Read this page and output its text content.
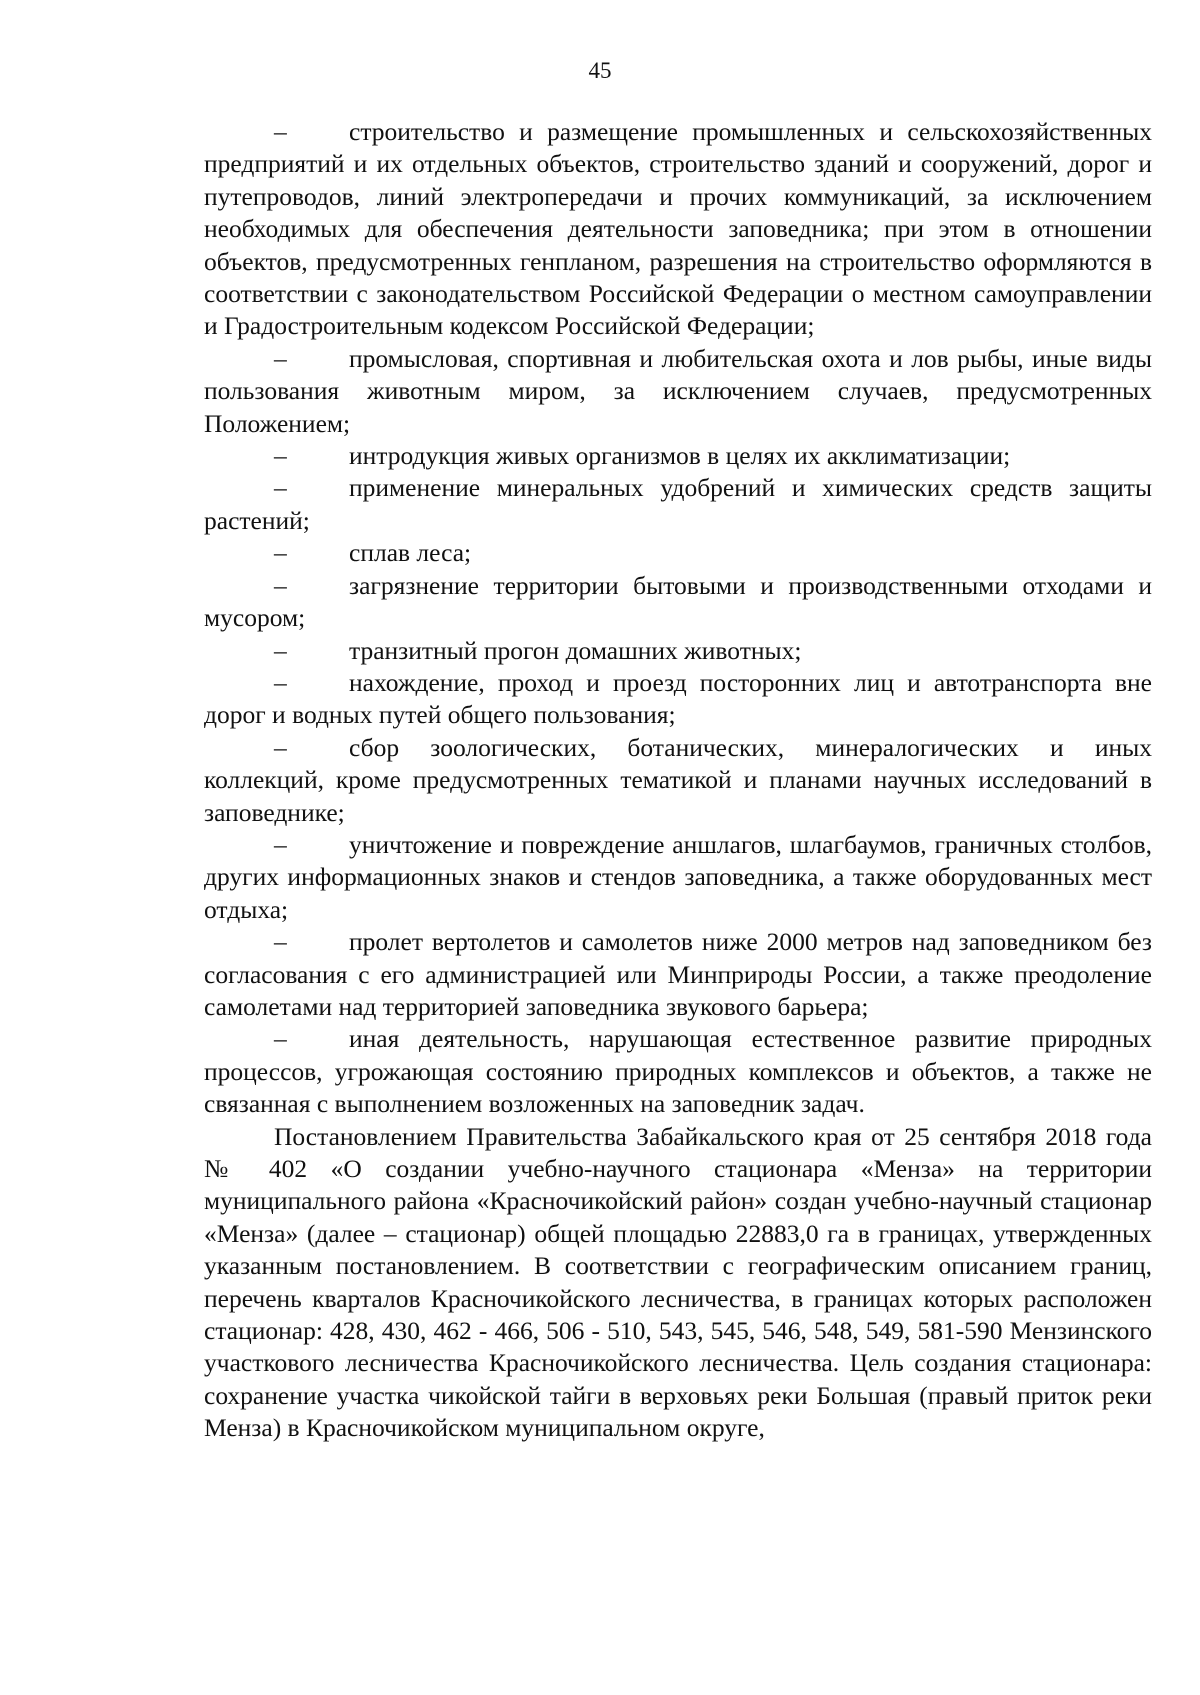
45
– строительство и размещение промышленных и сельскохозяйственных предприятий и их отдельных объектов, строительство зданий и сооружений, дорог и путепроводов, линий электропередачи и прочих коммуникаций, за исключением необходимых для обеспечения деятельности заповедника; при этом в отношении объектов, предусмотренных генпланом, разрешения на строительство оформляются в соответствии с законодательством Российской Федерации о местном самоуправлении и Градостроительным кодексом Российской Федерации;
– промысловая, спортивная и любительская охота и лов рыбы, иные виды пользования животным миром, за исключением случаев, предусмотренных Положением;
– интродукция живых организмов в целях их акклиматизации;
– применение минеральных удобрений и химических средств защиты растений;
– сплав леса;
– загрязнение территории бытовыми и производственными отходами и мусором;
– транзитный прогон домашних животных;
– нахождение, проход и проезд посторонних лиц и автотранспорта вне дорог и водных путей общего пользования;
– сбор зоологических, ботанических, минералогических и иных коллекций, кроме предусмотренных тематикой и планами научных исследований в заповеднике;
– уничтожение и повреждение аншлагов, шлагбаумов, граничных столбов, других информационных знаков и стендов заповедника, а также оборудованных мест отдыха;
– пролет вертолетов и самолетов ниже 2000 метров над заповедником без согласования с его администрацией или Минприроды России, а также преодоление самолетами над территорией заповедника звукового барьера;
– иная деятельность, нарушающая естественное развитие природных процессов, угрожающая состоянию природных комплексов и объектов, а также не связанная с выполнением возложенных на заповедник задач.

Постановлением Правительства Забайкальского края от 25 сентября 2018 года № 402 «О создании учебно-научного стационара «Менза» на территории муниципального района «Красночикойский район» создан учебно-научный стационар «Менза» (далее – стационар) общей площадью 22883,0 га в границах, утвержденных указанным постановлением. В соответствии с географическим описанием границ, перечень кварталов Красночикойского лесничества, в границах которых расположен стационар: 428, 430, 462 - 466, 506 - 510, 543, 545, 546, 548, 549, 581-590 Мензинского участкового лесничества Красночикойского лесничества. Цель создания стационара: сохранение участка чикойской тайги в верховьях реки Большая (правый приток реки Менза) в Красночикойском муниципальном округе,
